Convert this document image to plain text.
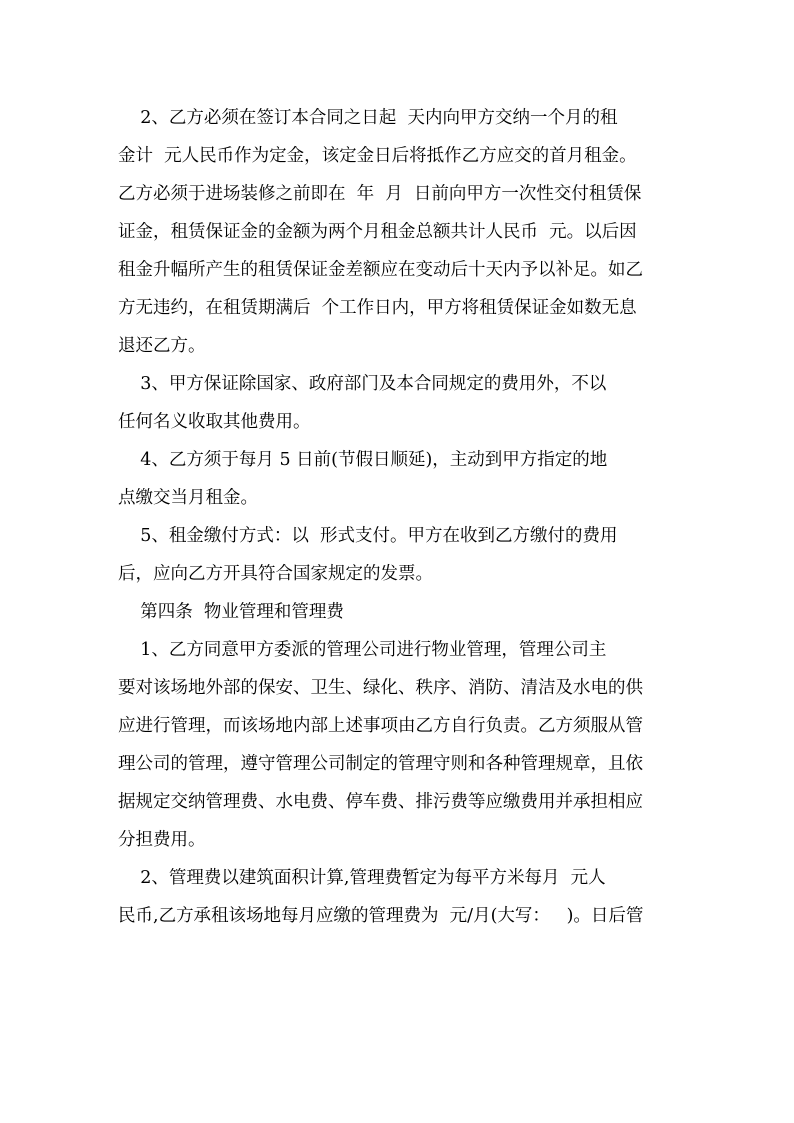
2、乙方必须在签订本合同之日起  天内向甲方交纳一个月的租
金计  元人民币作为定金，该定金日后将抵作乙方应交的首月租金。
乙方必须于进场装修之前即在  年  月  日前向甲方一次性交付租赁保
证金，租赁保证金的金额为两个月租金总额共计人民币  元。以后因
租金升幅所产生的租赁保证金差额应在变动后十天内予以补足。如乙
方无违约，在租赁期满后  个工作日内，甲方将租赁保证金如数无息
退还乙方。
3、甲方保证除国家、政府部门及本合同规定的费用外，不以
任何名义收取其他费用。
4、乙方须于每月 5 日前(节假日顺延)，主动到甲方指定的地
点缴交当月租金。
5、租金缴付方式：以  形式支付。甲方在收到乙方缴付的费用
后，应向乙方开具符合国家规定的发票。
第四条  物业管理和管理费
1、乙方同意甲方委派的管理公司进行物业管理，管理公司主
要对该场地外部的保安、卫生、绿化、秩序、消防、清洁及水电的供
应进行管理，而该场地内部上述事项由乙方自行负责。乙方须服从管
理公司的管理，遵守管理公司制定的管理守则和各种管理规章，且依
据规定交纳管理费、水电费、停车费、排污费等应缴费用并承担相应
分担费用。
2、管理费以建筑面积计算,管理费暂定为每平方米每月  元人
民币,乙方承租该场地每月应缴的管理费为  元/月(大写：   )。日后管
